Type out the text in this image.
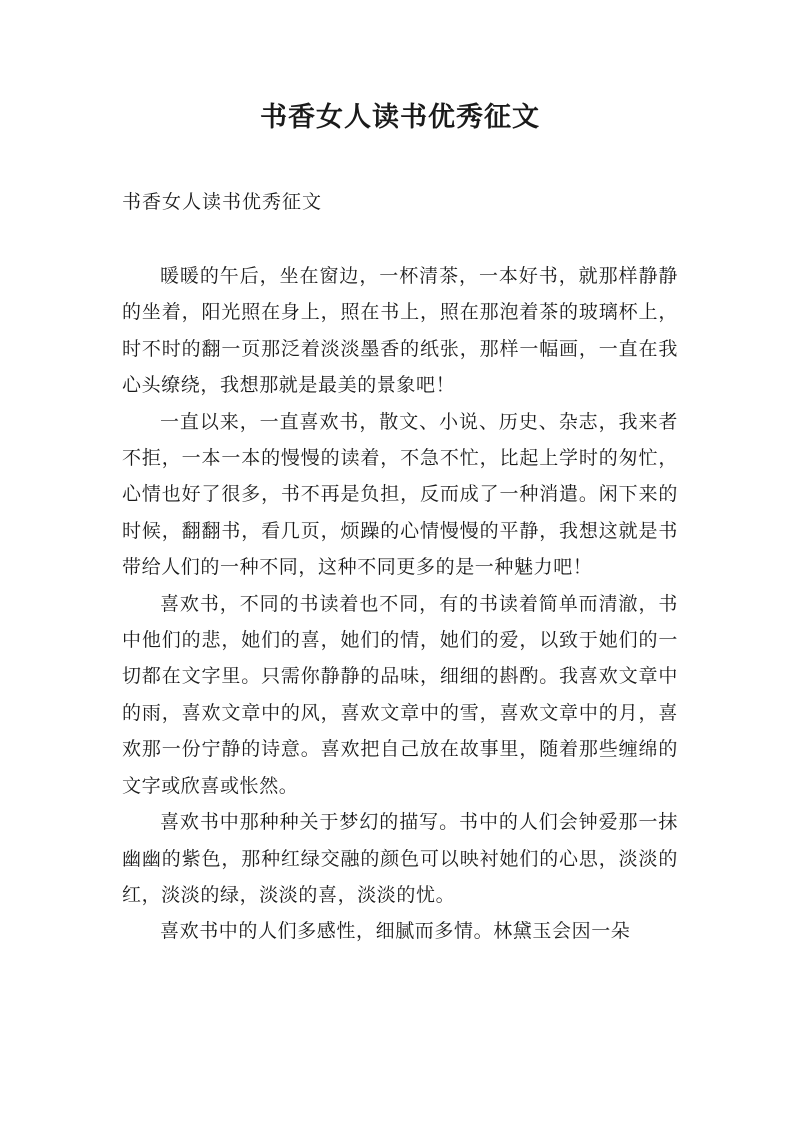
书香女人读书优秀征文
书香女人读书优秀征文

暖暖的午后，坐在窗边，一杯清茶，一本好书，就那样静静的坐着，阳光照在身上，照在书上，照在那泡着茶的玻璃杯上，时不时的翻一页那泛着淡淡墨香的纸张，那样一幅画，一直在我心头缭绕，我想那就是最美的景象吧！

一直以来，一直喜欢书，散文、小说、历史、杂志，我来者不拒，一本一本的慢慢的读着，不急不忙，比起上学时的匆忙，心情也好了很多，书不再是负担，反而成了一种消遣。闲下来的时候，翻翻书，看几页，烦躁的心情慢慢的平静，我想这就是书带给人们的一种不同，这种不同更多的是一种魅力吧！

喜欢书，不同的书读着也不同，有的书读着简单而清澈，书中他们的悲，她们的喜，她们的情，她们的爱，以致于她们的一切都在文字里。只需你静静的品味，细细的斟酌。我喜欢文章中的雨，喜欢文章中的风，喜欢文章中的雪，喜欢文章中的月，喜欢那一份宁静的诗意。喜欢把自己放在故事里，随着那些缠绵的文字或欣喜或怅然。

喜欢书中那种种关于梦幻的描写。书中的人们会钟爱那一抹幽幽的紫色，那种红绿交融的颜色可以映衬她们的心思，淡淡的红，淡淡的绿，淡淡的喜，淡淡的忧。

喜欢书中的人们多感性，细腻而多情。林黛玉会因一朵
